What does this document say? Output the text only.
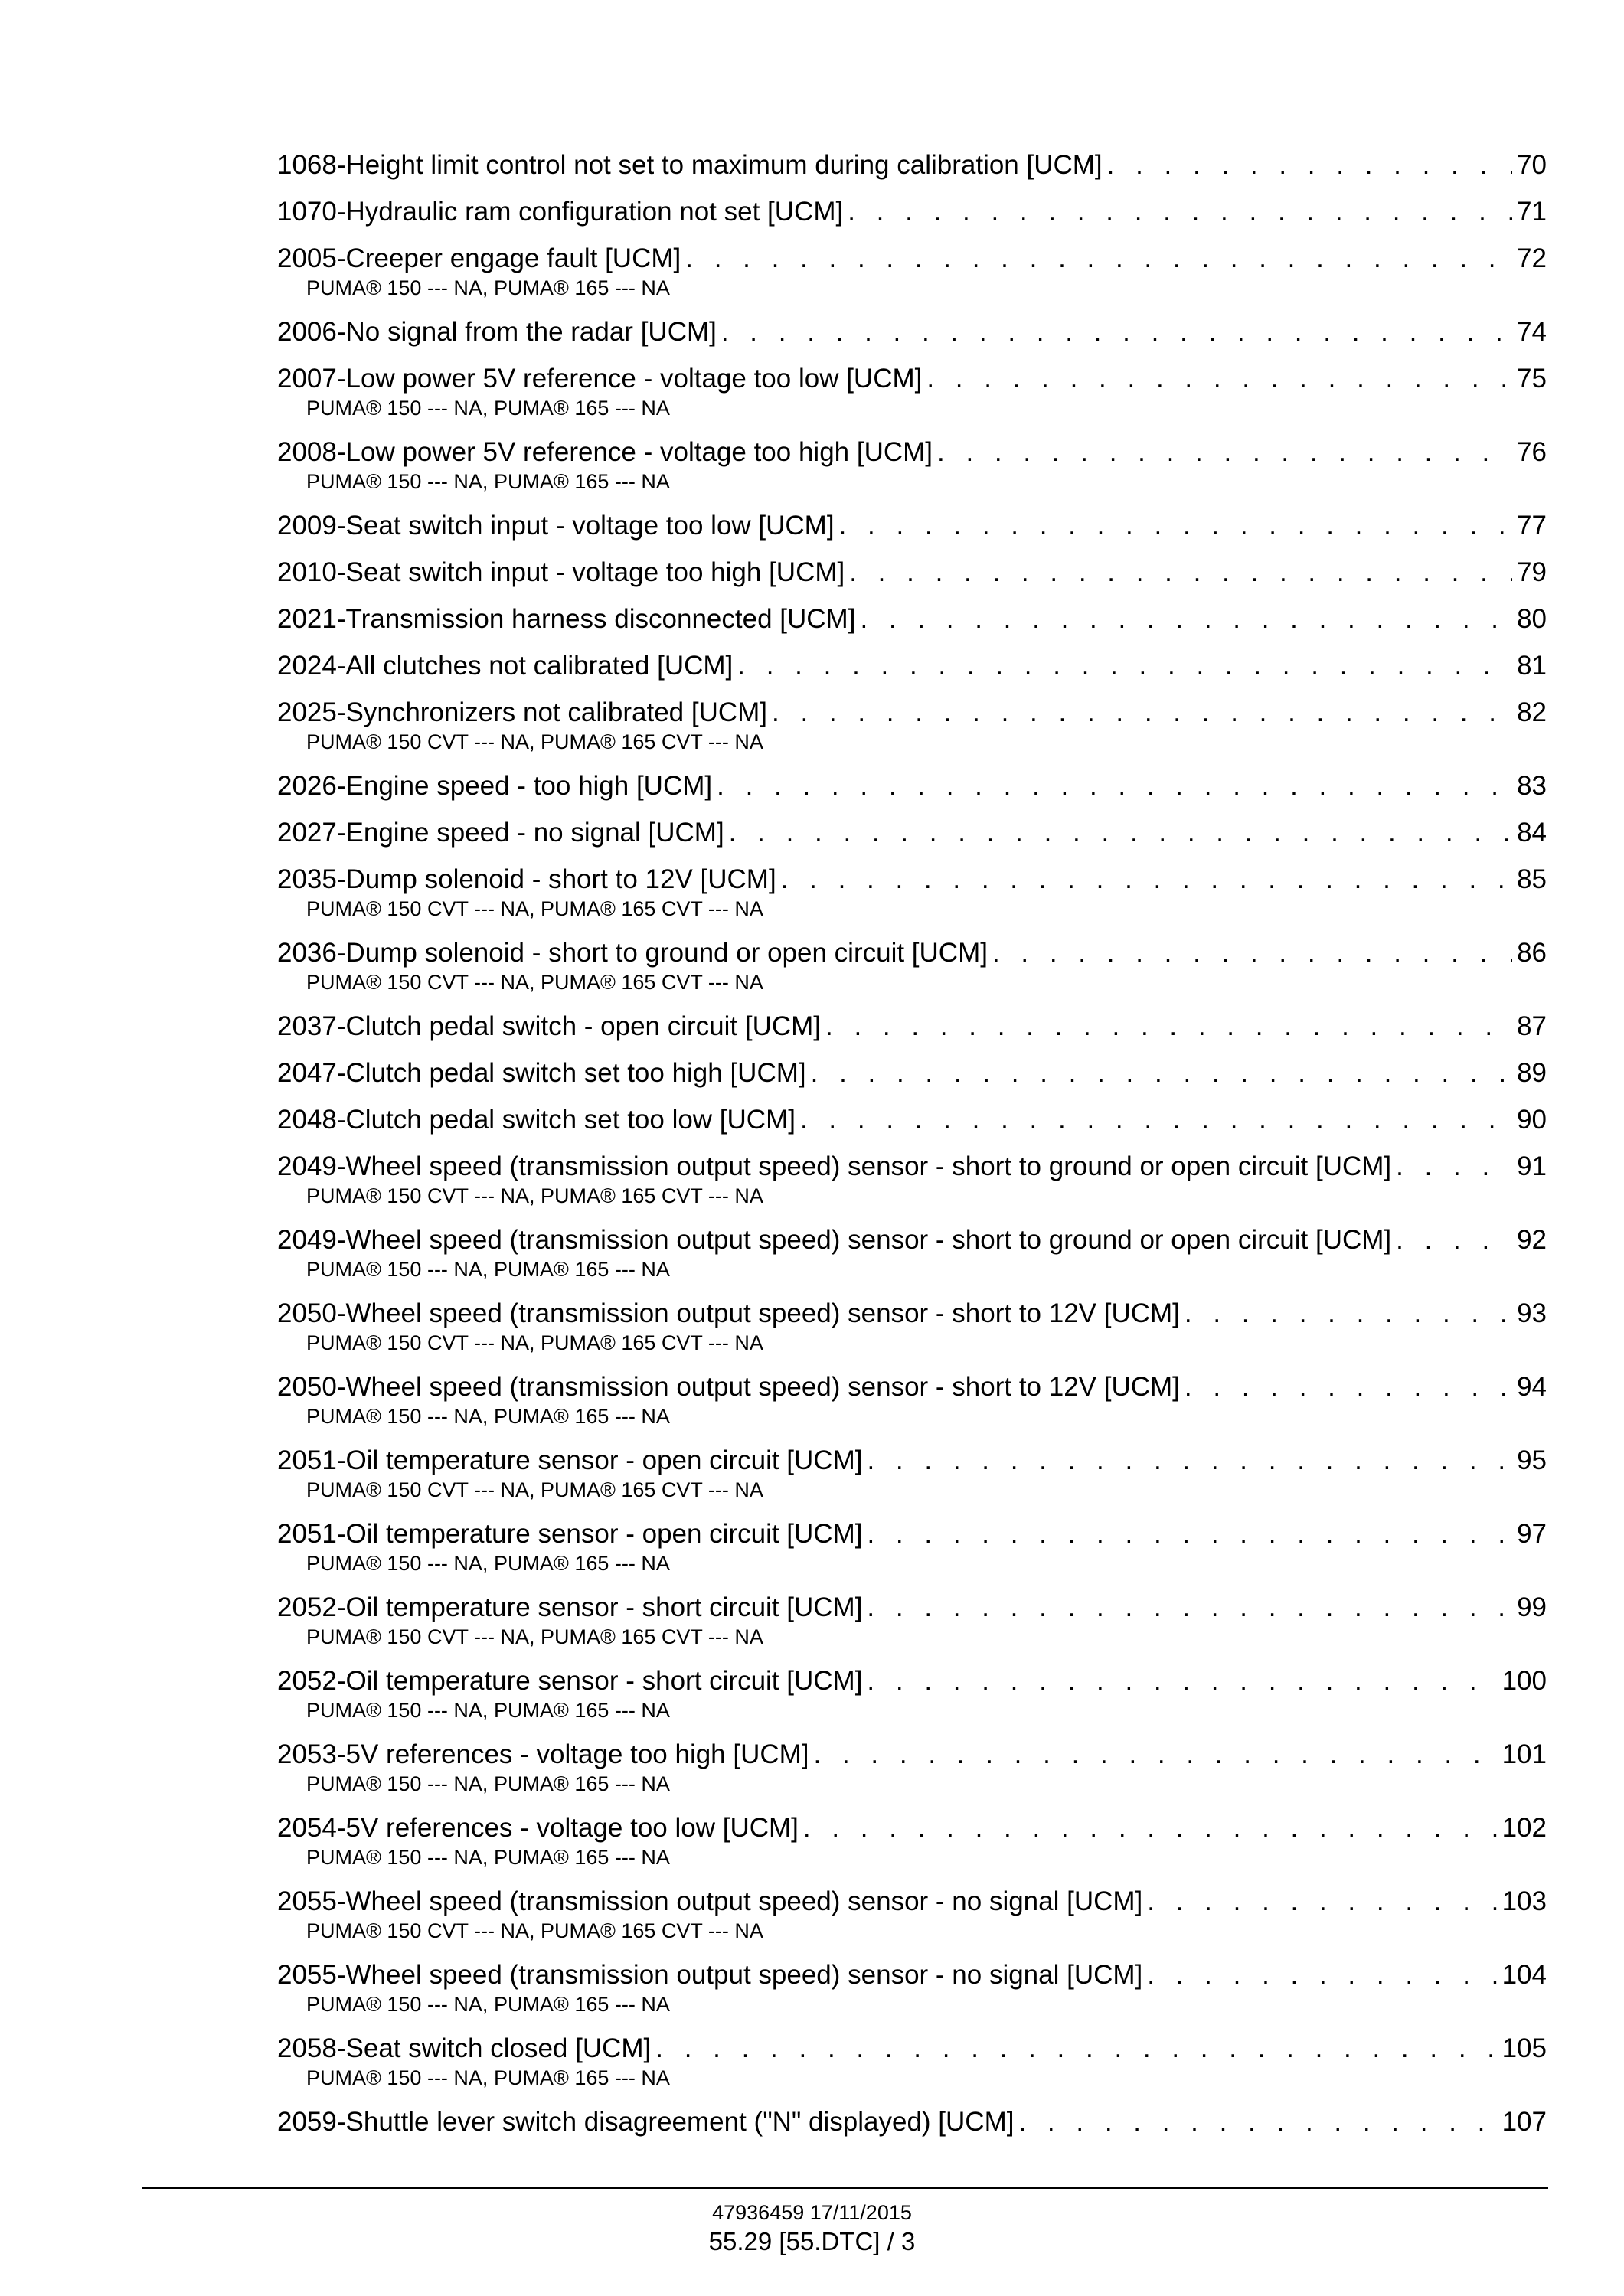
1068-Height limit control not set to maximum during calibration [UCM] . . .	70
1070-Hydraulic ram configuration not set [UCM] . . .	71
2005-Creeper engage fault [UCM] . . .	72
PUMA® 150 --- NA, PUMA® 165 --- NA
2006-No signal from the radar [UCM] . . .	74
2007-Low power 5V reference - voltage too low [UCM] . . .	75
PUMA® 150 --- NA, PUMA® 165 --- NA
2008-Low power 5V reference - voltage too high [UCM] . . .	76
PUMA® 150 --- NA, PUMA® 165 --- NA
2009-Seat switch input - voltage too low [UCM] . . .	77
2010-Seat switch input - voltage too high [UCM] . . .	79
2021-Transmission harness disconnected [UCM] . . .	80
2024-All clutches not calibrated [UCM] . . .	81
2025-Synchronizers not calibrated [UCM] . . .	82
PUMA® 150 CVT --- NA, PUMA® 165 CVT --- NA
2026-Engine speed - too high [UCM] . . .	83
2027-Engine speed - no signal [UCM] . . .	84
2035-Dump solenoid - short to 12V [UCM] . . .	85
PUMA® 150 CVT --- NA, PUMA® 165 CVT --- NA
2036-Dump solenoid - short to ground or open circuit [UCM] . . .	86
PUMA® 150 CVT --- NA, PUMA® 165 CVT --- NA
2037-Clutch pedal switch - open circuit [UCM] . . .	87
2047-Clutch pedal switch set too high [UCM] . . .	89
2048-Clutch pedal switch set too low [UCM] . . .	90
2049-Wheel speed (transmission output speed) sensor - short to ground or open circuit [UCM] . . .	91
PUMA® 150 CVT --- NA, PUMA® 165 CVT --- NA
2049-Wheel speed (transmission output speed) sensor - short to ground or open circuit [UCM] . . .	92
PUMA® 150 --- NA, PUMA® 165 --- NA
2050-Wheel speed (transmission output speed) sensor - short to 12V [UCM] . . .	93
PUMA® 150 CVT --- NA, PUMA® 165 CVT --- NA
2050-Wheel speed (transmission output speed) sensor - short to 12V [UCM] . . .	94
PUMA® 150 --- NA, PUMA® 165 --- NA
2051-Oil temperature sensor - open circuit [UCM] . . .	95
PUMA® 150 CVT --- NA, PUMA® 165 CVT --- NA
2051-Oil temperature sensor - open circuit [UCM] . . .	97
PUMA® 150 --- NA, PUMA® 165 --- NA
2052-Oil temperature sensor - short circuit [UCM] . . .	99
PUMA® 150 CVT --- NA, PUMA® 165 CVT --- NA
2052-Oil temperature sensor - short circuit [UCM] . . .	100
PUMA® 150 --- NA, PUMA® 165 --- NA
2053-5V references - voltage too high [UCM] . . .	101
PUMA® 150 --- NA, PUMA® 165 --- NA
2054-5V references - voltage too low [UCM] . . .	102
PUMA® 150 --- NA, PUMA® 165 --- NA
2055-Wheel speed (transmission output speed) sensor - no signal [UCM] . . .	103
PUMA® 150 CVT --- NA, PUMA® 165 CVT --- NA
2055-Wheel speed (transmission output speed) sensor - no signal [UCM] . . .	104
PUMA® 150 --- NA, PUMA® 165 --- NA
2058-Seat switch closed [UCM] . . .	105
PUMA® 150 --- NA, PUMA® 165 --- NA
2059-Shuttle lever switch disagreement ("N" displayed) [UCM] . . .	107
47936459 17/11/2015
55.29 [55.DTC] / 3
